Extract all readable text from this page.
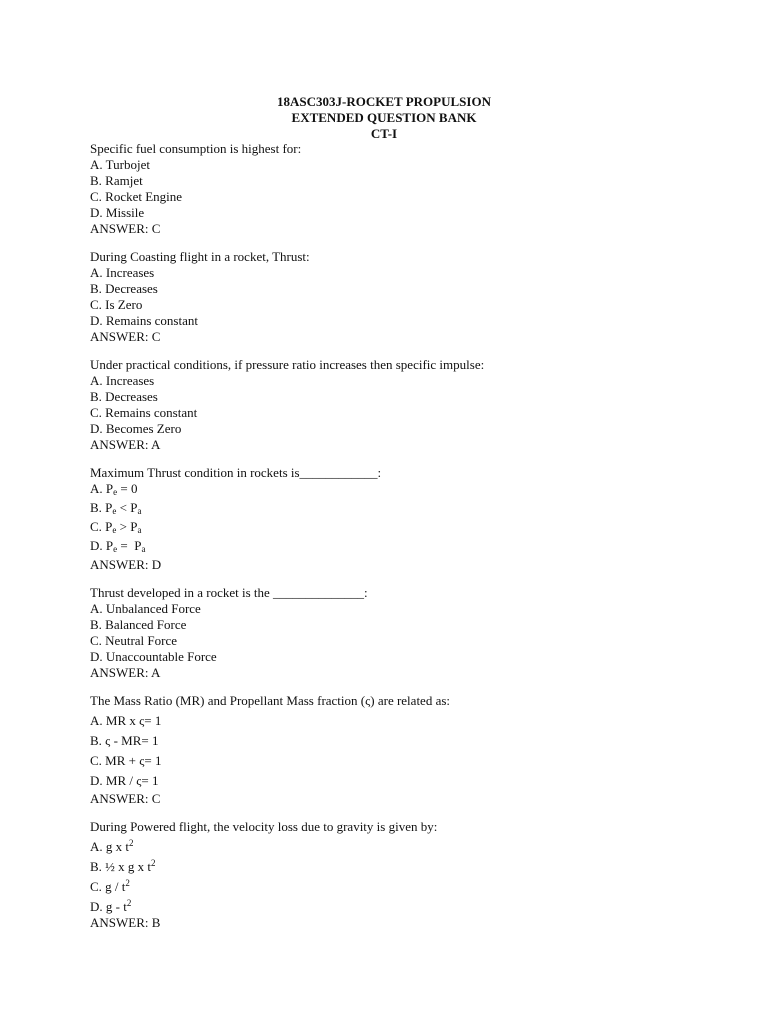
18ASC303J-ROCKET PROPULSION
EXTENDED QUESTION BANK
CT-I
Specific fuel consumption is highest for:
A. Turbojet
B. Ramjet
C. Rocket Engine
D. Missile
ANSWER: C
During Coasting flight in a rocket, Thrust:
A. Increases
B. Decreases
C. Is Zero
D. Remains constant
ANSWER: C
Under practical conditions, if pressure ratio increases then specific impulse:
A. Increases
B. Decreases
C. Remains constant
D. Becomes Zero
ANSWER: A
Maximum Thrust condition in rockets is____________:
A. $P_e = 0$
B. $P_e < P_a$
C. $P_e > P_a$
D. $P_e = P_a$
ANSWER: D
Thrust developed in a rocket is the ______________:
A. Unbalanced Force
B. Balanced Force
C. Neutral Force
D. Unaccountable Force
ANSWER: A
The Mass Ratio (MR) and Propellant Mass fraction (ς) are related as:
A. MR x ς= 1
B. ς - MR= 1
C. MR + ς= 1
D. MR / ς= 1
ANSWER: C
During Powered flight, the velocity loss due to gravity is given by:
A. g x $t^2$
B. ½ x g x $t^2$
C. g / $t^2$
D. g - $t^2$
ANSWER: B
